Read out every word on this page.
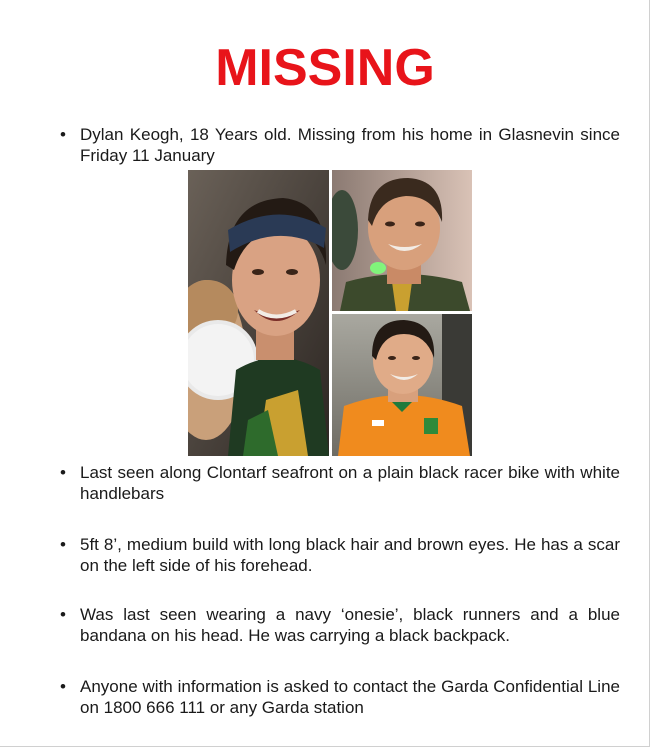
MISSING
• Dylan Keogh, 18 Years old. Missing from his home in Glasnevin since Friday 11 January
• Last seen along Clontarf seafront on a plain black racer bike with white handlebars
• 5ft 8’, medium build with long black hair and brown eyes. He has a scar on the left side of his forehead.
• Was last seen wearing a navy ‘onesie’, black runners and a blue bandana on his head. He was carrying a black backpack.
• Anyone with information is asked to contact the Garda Confidential Line on 1800 666 111 or any Garda station
